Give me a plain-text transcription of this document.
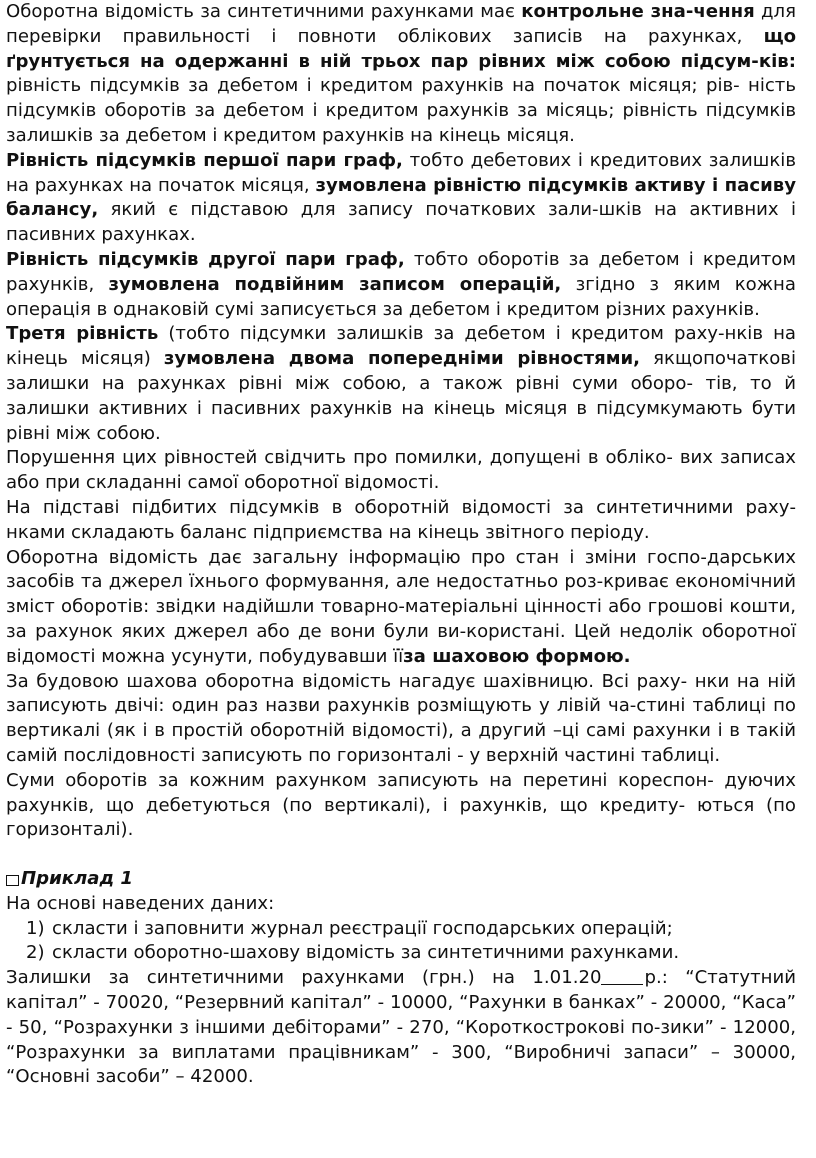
Оборотна відомість за синтетичними рахунками має контрольне зна-чення для перевірки правильності і повноти облікових записів на рахунках, що ґрунтується на одержанні в ній трьох пар рівних між собою підсум-ків: рівність підсумків за дебетом і кредитом рахунків на початок місяця; рів- ність підсумків оборотів за дебетом і кредитом рахунків за місяць; рівність підсумків залишків за дебетом і кредитом рахунків на кінець місяця.

Рівність підсумків першої пари граф, тобто дебетових і кредитових залишків на рахунках на початок місяця, зумовлена рівністю підсумків активу і пасиву балансу, який є підставою для запису початкових зали-шків на активних і пасивних рахунках.

Рівність підсумків другої пари граф, тобто оборотів за дебетом і кредитом рахунків, зумовлена подвійним записом операцій, згідно з яким кожна операція в однаковій сумі записується за дебетом і кредитом різних рахунків.

Третя рівність (тобто підсумки залишків за дебетом і кредитом раху-нків на кінець місяця) зумовлена двома попередніми рівностями, якщопочаткові залишки на рахунках рівні між собою, а також рівні суми оборо- тів, то й залишки активних і пасивних рахунків на кінець місяця в підсумкумають бути рівні між собою.

Порушення цих рівностей свідчить про помилки, допущені в обліко- вих записах або при складанні самої оборотної відомості.

На підставі підбитих підсумків в оборотній відомості за синтетичними раху-нками складають баланс підприємства на кінець звітного періоду.

Оборотна відомість дає загальну інформацію про стан і зміни госпо-дарських засобів та джерел їхнього формування, але недостатньо роз-криває економічний зміст оборотів: звідки надійшли товарно-матеріальні цінності або грошові кошти, за рахунок яких джерел або де вони були ви-користані. Цей недолік оборотної відомості можна усунути, побудувавши їїза шаховою формою.

За будовою шахова оборотна відомість нагадує шахівницю. Всі раху- нки на ній записують двічі: один раз назви рахунків розміщують у лівій ча-стині таблиці по вертикалі (як і в простій оборотній відомості), а другий –ці самі рахунки і в такій самій послідовності записують по горизонталі - у верхній частині таблиці.

Суми оборотів за кожним рахунком записують на перетині кореспон- дуючих рахунків, що дебетуються (по вертикалі), і рахунків, що кредиту- ються (по горизонталі).

Приклад 1

На основі наведених даних:

1) скласти і заповнити журнал реєстрації господарських операцій;
2) скласти оборотно-шахову відомість за синтетичними рахунками.

Залишки за синтетичними рахунками (грн.) на 1.01.20 р.: “Статутний капітал” - 70020, “Резервний капітал” - 10000, “Рахунки в банках” - 20000, “Каса” - 50, “Розрахунки з іншими дебіторами” - 270, “Короткострокові по-зики” - 12000, “Розрахунки за виплатами працівникам” - 300, “Виробничі запаси” – 30000, “Основні засоби” – 42000.
